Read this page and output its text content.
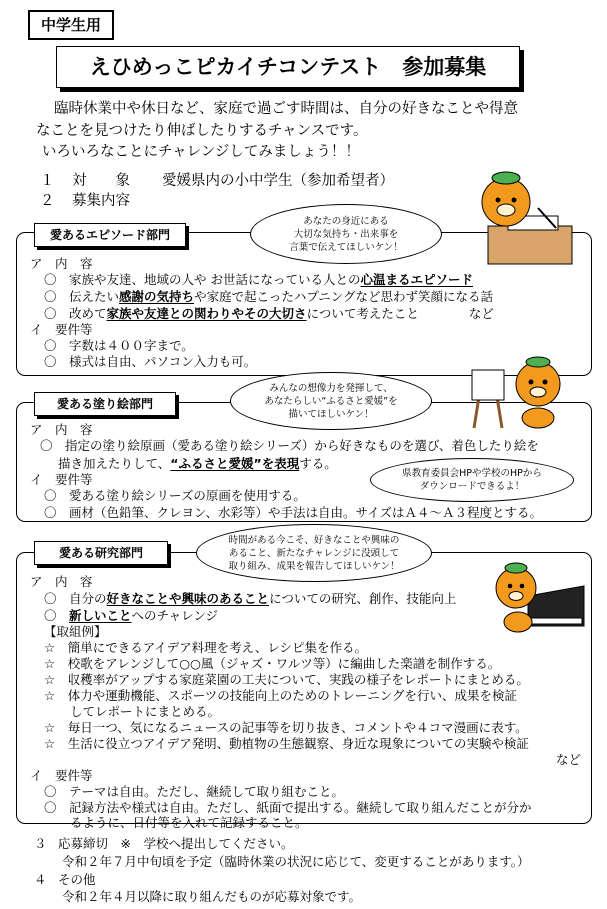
中学生用
えひめっこピカイチコンテスト　参加募集
臨時休業中や休日など、家庭で過ごす時間は、自分の好きなことや得意
なことを見つけたり伸ばしたりするチャンスです。
いろいろなことにチャレンジしてみましょう！！
１ 対　　象 愛媛県内の小中学生（参加希望者）
２ 募集内容
愛あるエピソード部門
あなたの身近にある
大切な気持ち・出来事を
言葉で伝えてほしいケン！
ア　内　容
〇　 家族や友達、地域の人や お世話になっている人との心温まるエピソード
〇　 伝えたい感謝の気持ちや家庭で起こったハプニングなど思わず笑顔になる話
〇　 改めて家族や友達との関わりやその大切さについて考えたこと　　　　など
イ　要件等
〇　 字数は４００字まで。
〇　 様式は自由、パソコン入力も可。
愛ある塗り絵部門
みんなの想像力を発揮して、
あなたらしい“ふるさと愛媛”を
描いてほしいケン！
ア　内　容
〇　 指定の塗り絵原画（愛ある塗り絵シリーズ）から好きなものを選び、着色したり絵を
描き加えたりして、“ふるさと愛媛”を表現する。
イ　要件等
〇　 愛ある塗り絵シリーズの原画を使用する。
〇　 画材（色鉛筆、クレヨン、水彩等）や手法は自由。サイズはＡ４～Ａ３程度とする。
県教育委員会HPや学校のHPから
ダウンロードできるよ！
愛ある研究部門
時間がある今こそ、好きなことや興味の
あること、新たなチャレンジに没頭して
取り組み、成果を報告してほしいケン！
ア　内　容
〇　 自分の好きなことや興味のあることについての研究、創作、技能向上
〇　 新しいことへのチャレンジ
【取組例】
☆　 簡単にできるアイデア料理を考え、レシピ集を作る。
☆　 校歌をアレンジして○○風（ジャズ・ワルツ等）に編曲した楽譜を制作する。
☆　 収穫率がアップする家庭菜園の工夫について、実践の様子をレポートにまとめる。
☆　 体力や運動機能、スポーツの技能向上のためのトレーニングを行い、成果を検証
してレポートにまとめる。
☆　 毎日一つ、気になるニュースの記事等を切り抜き、コメントや４コマ漫画に表す。
☆　 生活に役立つアイデア発明、動植物の生態観察、身近な現象についての実験や検証
など
イ　要件等
〇　 テーマは自由。ただし、継続して取り組むこと。
〇　 記録方法や様式は自由。ただし、紙面で提出する。継続して取り組んだことが分か
るように、日付等を入れて記録すること。
３ 応募締切　※　学校へ提出してください。
令和２年７月中旬頃を予定（臨時休業の状況に応じて、変更することがあります。）
４ その他
令和２年４月以降に取り組んだものが応募対象です。
